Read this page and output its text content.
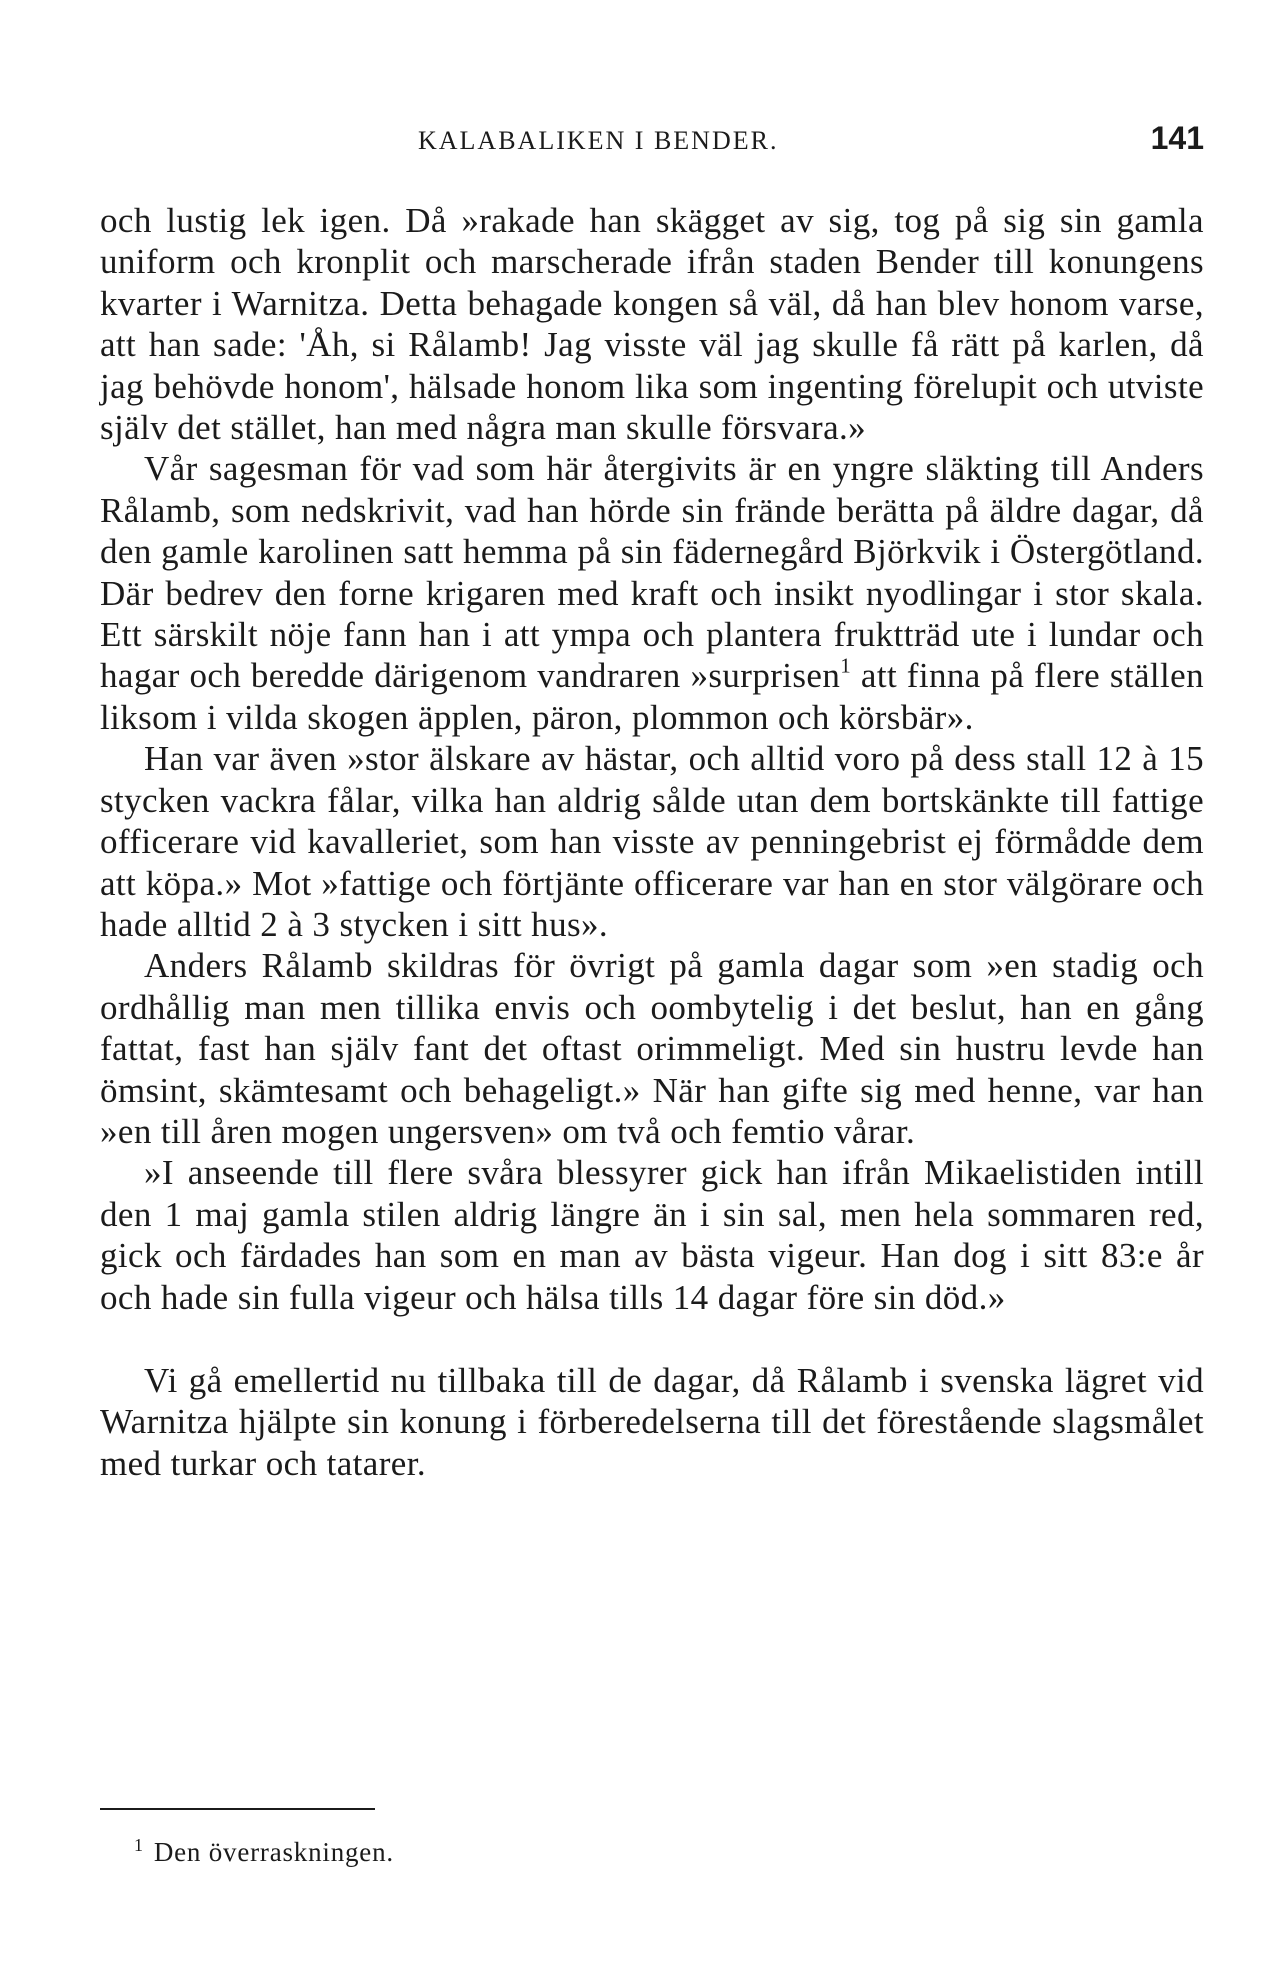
KALABALIKEN I BENDER.	141

och lustig lek igen. Då »rakade han skägget av sig, tog på sig sin gamla uniform och kronplit och marscherade ifrån staden Bender till konungens kvarter i Warnitza. Detta behagade kongen så väl, då han blev honom varse, att han sade: 'Åh, si Rålamb! Jag visste väl jag skulle få rätt på karlen, då jag behövde honom', hälsade honom lika som ingenting förelupit och utviste själv det stället, han med några man skulle försvara.»

Vår sagesman för vad som här återgivits är en yngre släkting till Anders Rålamb, som nedskrivit, vad han hörde sin frände berätta på äldre dagar, då den gamle karolinen satt hemma på sin fädernegård Björkvik i Östergötland. Där bedrev den forne krigaren med kraft och insikt nyodlingar i stor skala. Ett särskilt nöje fann han i att ympa och plantera fruktträd ute i lundar och hagar och beredde därigenom vandraren »surprisen$^1$ att finna på flere ställen liksom i vilda skogen äpplen, päron, plommon och körsbär».

Han var även »stor älskare av hästar, och alltid voro på dess stall 12 à 15 stycken vackra fålar, vilka han aldrig sålde utan dem bortskänkte till fattige officerare vid kavalleriet, som han visste av penningebrist ej förmådde dem att köpa.» Mot »fattige och förtjänte officerare var han en stor välgörare och hade alltid 2 à 3 stycken i sitt hus».

Anders Rålamb skildras för övrigt på gamla dagar som »en stadig och ordhållig man men tillika envis och oombytelig i det beslut, han en gång fattat, fast han själv fant det oftast orimmeligt. Med sin hustru levde han ömsint, skämtesamt och behageligt.» När han gifte sig med henne, var han »en till åren mogen ungersven» om två och femtio vårar.

»I anseende till flere svåra blessyrer gick han ifrån Mikaelistiden intill den 1 maj gamla stilen aldrig längre än i sin sal, men hela sommaren red, gick och färdades han som en man av bästa vigeur. Han dog i sitt 83:e år och hade sin fulla vigeur och hälsa tills 14 dagar före sin död.»

Vi gå emellertid nu tillbaka till de dagar, då Rålamb i svenska lägret vid Warnitza hjälpte sin konung i förberedelserna till det förestående slagsmålet med turkar och tatarer.

$^1$ Den överraskningen.
